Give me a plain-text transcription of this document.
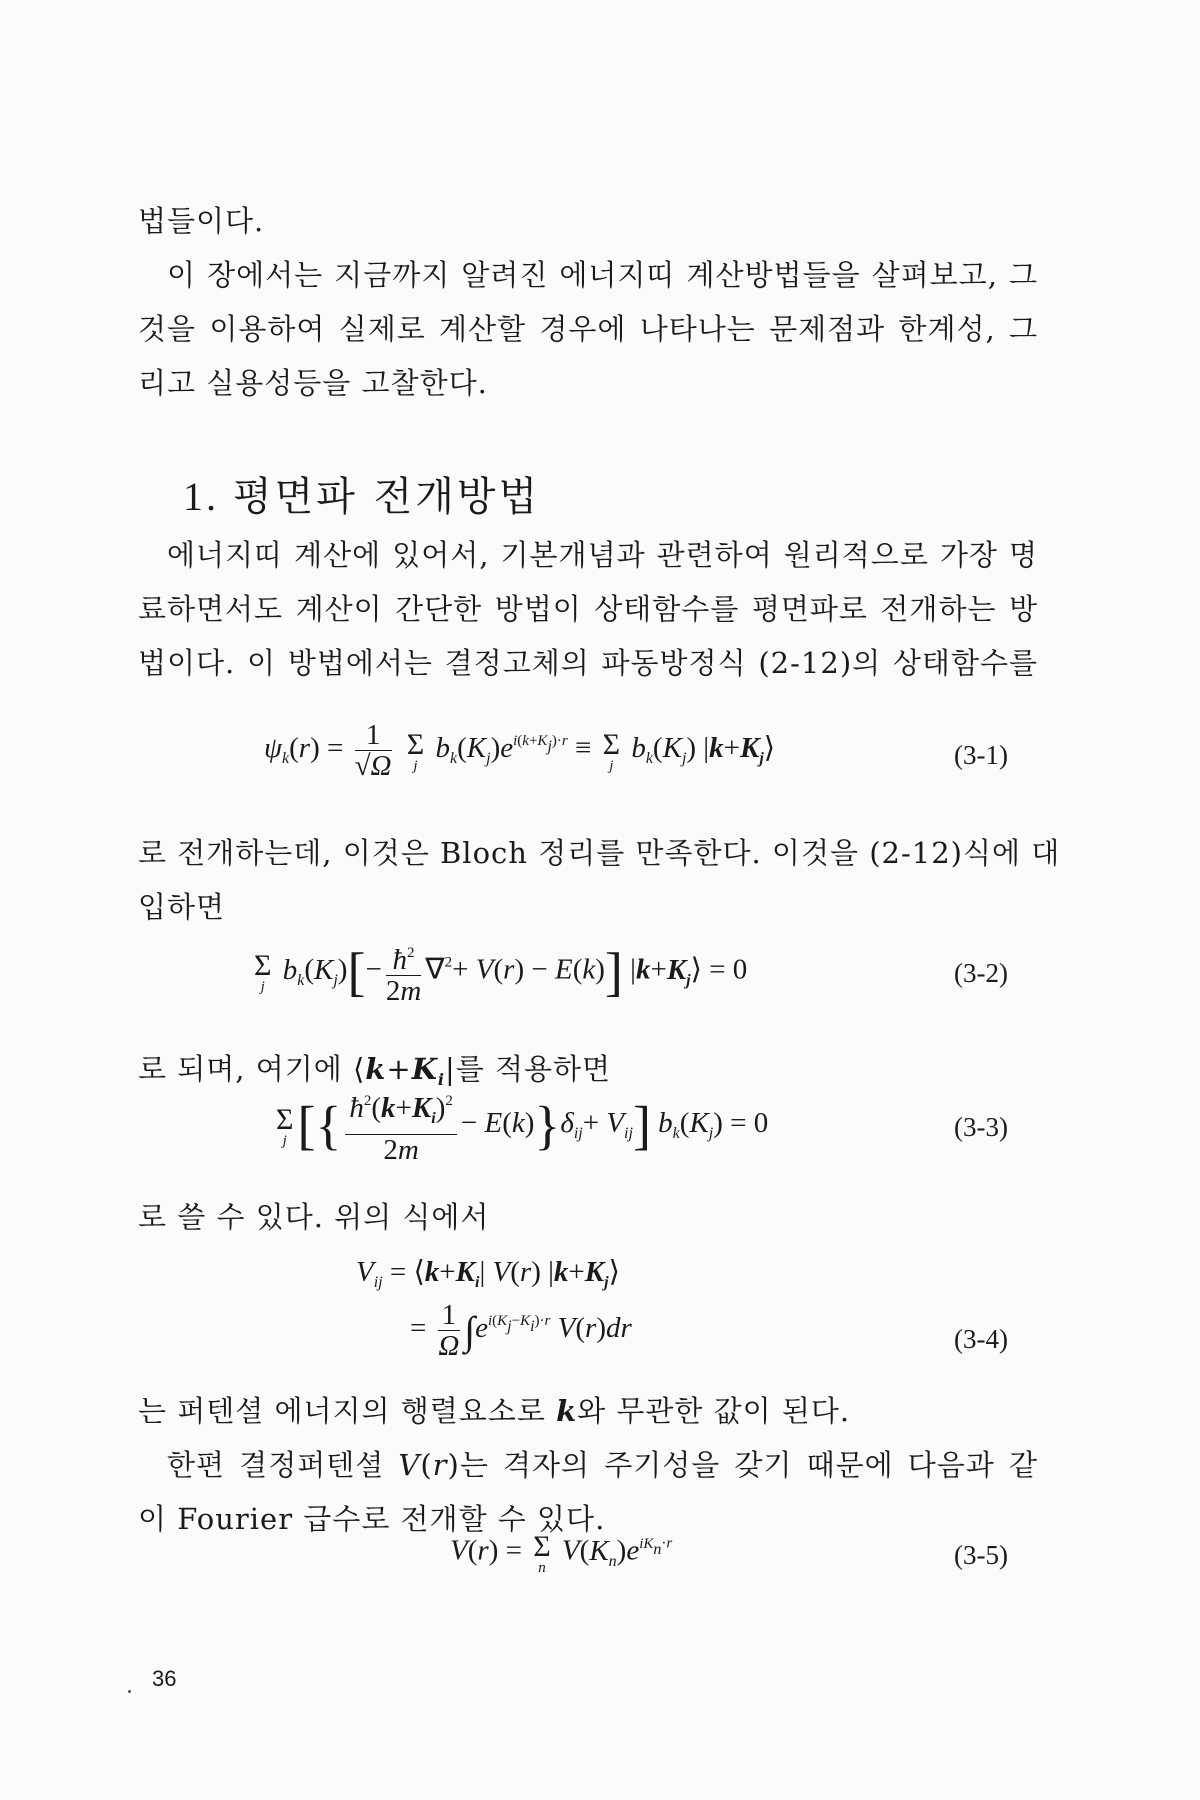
법들이다.
이 장에서는 지금까지 알려진 에너지띠 계산방법들을 살펴보고, 그
것을 이용하여 실제로 계산할 경우에 나타나는 문제점과 한계성, 그
리고 실용성등을 고찰한다.
1. 평면파 전개방법
에너지띠 계산에 있어서, 기본개념과 관련하여 원리적으로 가장 명
료하면서도 계산이 간단한 방법이 상태함수를 평면파로 전개하는 방
법이다. 이 방법에서는 결정고체의 파동방정식 (2-12)의 상태함수를
$\psi_k(r) = \frac{1}{√\Omega}$
Σ
j
$b_k(K_j)e^{i(k+K_j)\cdot r} \equiv \Sigma$
j
$b_k(K_j)$ $|k+K_j⟩$	(3-1)
로 전개하는데, 이것은 Bloch 정리를 만족한다. 이것을 (2-12)식에 대
입하면
Σ
j
$b_k(K_j)[- \frac{ħ^2}{2m} \nabla^2+ V(r) - E(k)]$ $|k+K_j⟩ = 0$	(3-2)
로 되며, 여기에 $⟨k+K_i|$를 적용하면
Σ
j [{ $\frac{ħ^2(k+K_i)^2}{2m} - E(k)\}\delta_{ij}+ V_{ij}$] $b_k(K_j) = 0$	(3-3)
로 쓸 수 있다. 위의 식에서
$V_{ij}$ = $⟨k+K_i|$ V(r) $|k+K_j⟩$
= $\frac{1}{\Omega} \int e^{i(K_j-K_i)\cdot r}$ V(r)dr	(3-4)
는 퍼텐셜 에너지의 행렬요소로 k와 무관한 값이 된다.
한편 결정퍼텐셜 V(r)는 격자의 주기성을 갖기 때문에 다음과 같
이 Fourier 급수로 전개할 수 있다.
V(r) = Σ
n
$V(K_n)e^{iK_n\cdot r}$	(3-5)
36
